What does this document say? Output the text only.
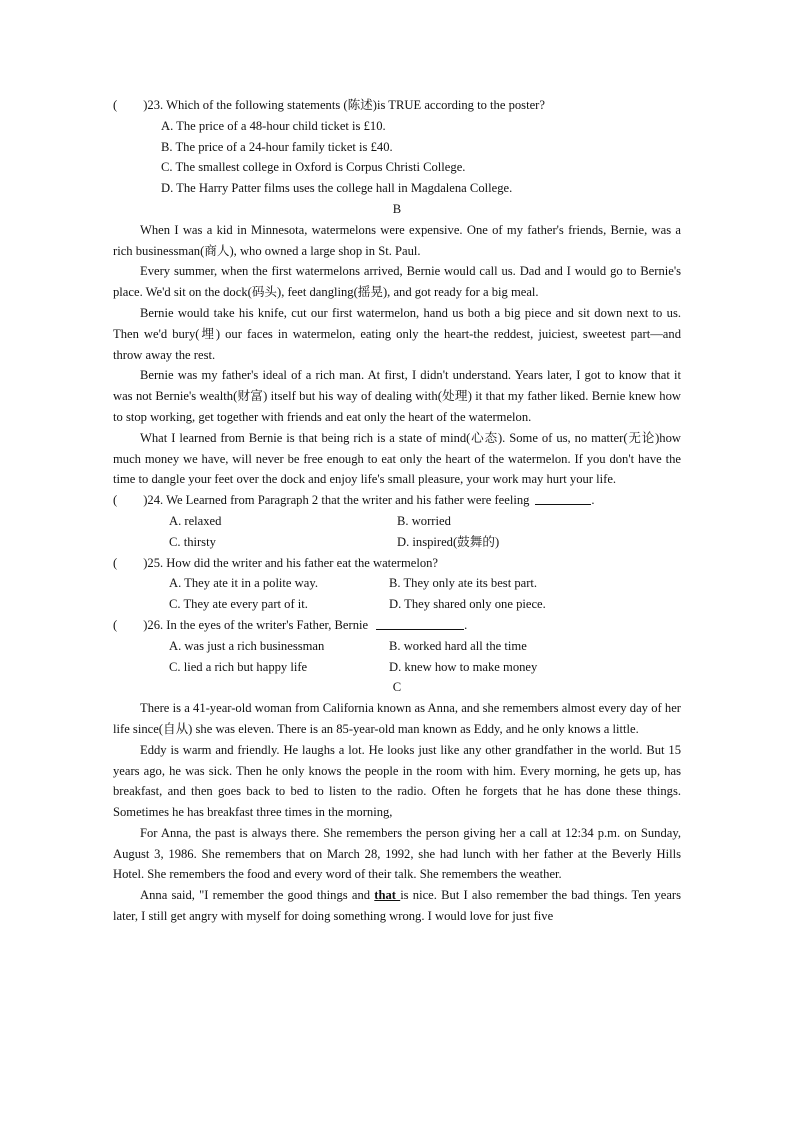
( ) 23. Which of the following statements (陈述)is TRUE according to the poster?
A. The price of a 48-hour child ticket is £10.
B. The price of a 24-hour family ticket is £40.
C. The smallest college in Oxford is Corpus Christi College.
D. The Harry Patter films uses the college hall in Magdalena College.
B

When I was a kid in Minnesota, watermelons were expensive. One of my father's friends, Bernie, was a rich businessman(商人), who owned a large shop in St. Paul.

Every summer, when the first watermelons arrived, Bernie would call us. Dad and I would go to Bernie's place. We'd sit on the dock(码头), feet dangling(摇晃), and got ready for a big meal.

Bernie would take his knife, cut our first watermelon, hand us both a big piece and sit down next to us. Then we'd bury(埋) our faces in watermelon, eating only the heart-the reddest, juiciest, sweetest part—and throw away the rest.

Bernie was my father's ideal of a rich man. At first, I didn't understand. Years later, I got to know that it was not Bernie's wealth(财富) itself but his way of dealing with(处理) it that my father liked. Bernie knew how to stop working, get together with friends and eat only the heart of the watermelon.

What I learned from Bernie is that being rich is a state of mind(心态). Some of us, no matter(无论)how much money we have, will never be free enough to eat only the heart of the watermelon. If you don't have the time to dangle your feet over the dock and enjoy life's small pleasure, your work may hurt your life.

( ) 24. We Learned from Paragraph 2 that the writer and his father were feeling	.
A. relaxed	B. worried
C. thirsty	D. inspired(鼓舞的)
( ) 25. How did the writer and his father eat the watermelon?
A. They ate it in a polite way.	B. They only ate its best part.
C. They ate every part of it.	D. They shared only one piece.
( ) 26. In the eyes of the writer's Father, Bernie	.
A. was just a rich businessman	B. worked hard all the time
C. lied a rich but happy life	D. knew how to make money
C

There is a 41-year-old woman from California known as Anna, and she remembers almost every day of her life since(自从) she was eleven. There is an 85-year-old man known as Eddy, and he only knows a little.

Eddy is warm and friendly. He laughs a lot. He looks just like any other grandfather in the world. But 15 years ago, he was sick. Then he only knows the people in the room with him. Every morning, he gets up, has breakfast, and then goes back to bed to listen to the radio. Often he forgets that he has done these things. Sometimes he has breakfast three times in the morning,

For Anna, the past is always there. She remembers the person giving her a call at 12:34 p.m. on Sunday, August 3, 1986. She remembers that on March 28, 1992, she had lunch with her father at the Beverly Hills Hotel. She remembers the food and every word of their talk. She remembers the weather.

Anna said, "I remember the good things and that is nice. But I also remember the bad things. Ten years later, I still get angry with myself for doing something wrong. I would love for just five
